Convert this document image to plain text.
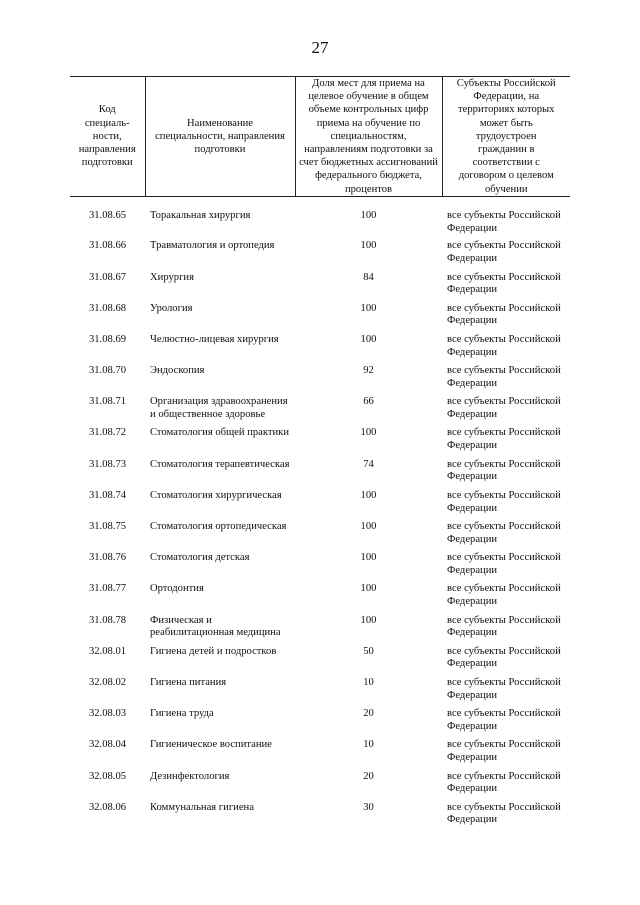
27
Код специаль-ности, направления подготовки	Наименование специальности, направления подготовки	Доля мест для приема на целевое обучение в общем объеме контрольных цифр приема на обучение по специальностям, направлениям подготовки за счет бюджетных ассигнований федерального бюджета, процентов	Субъекты Российской Федерации, на территориях которых может быть трудоустроен гражданин в соответствии с договором о целевом обучении
31.08.65	Торакальная хирургия	100	все субъекты Российской Федерации
31.08.66	Травматология и ортопедия	100	все субъекты Российской Федерации
31.08.67	Хирургия	84	все субъекты Российской Федерации
31.08.68	Урология	100	все субъекты Российской Федерации
31.08.69	Челюстно-лицевая хирургия	100	все субъекты Российской Федерации
31.08.70	Эндоскопия	92	все субъекты Российской Федерации
31.08.71	Организация здравоохранения и общественное здоровье	66	все субъекты Российской Федерации
31.08.72	Стоматология общей практики	100	все субъекты Российской Федерации
31.08.73	Стоматология терапевтическая	74	все субъекты Российской Федерации
31.08.74	Стоматология хирургическая	100	все субъекты Российской Федерации
31.08.75	Стоматология ортопедическая	100	все субъекты Российской Федерации
31.08.76	Стоматология детская	100	все субъекты Российской Федерации
31.08.77	Ортодонтия	100	все субъекты Российской Федерации
31.08.78	Физическая и реабилитационная медицина	100	все субъекты Российской Федерации
32.08.01	Гигиена детей и подростков	50	все субъекты Российской Федерации
32.08.02	Гигиена питания	10	все субъекты Российской Федерации
32.08.03	Гигиена труда	20	все субъекты Российской Федерации
32.08.04	Гигиеническое воспитание	10	все субъекты Российской Федерации
32.08.05	Дезинфектология	20	все субъекты Российской Федерации
32.08.06	Коммунальная гигиена	30	все субъекты Российской Федерации
